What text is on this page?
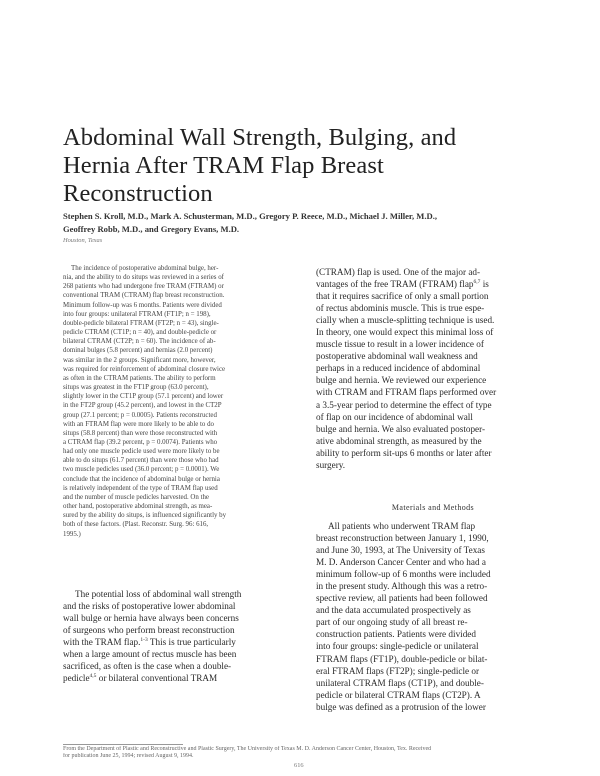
Abdominal Wall Strength, Bulging, and
Hernia After TRAM Flap Breast
Reconstruction
Stephen S. Kroll, M.D., Mark A. Schusterman, M.D., Gregory P. Reece, M.D., Michael J. Miller, M.D.,
Geoffrey Robb, M.D., and Gregory Evans, M.D.
Houston, Texas
The incidence of postoperative abdominal bulge, her-
nia, and the ability to do situps was reviewed in a series of
268 patients who had undergone free TRAM (FTRAM) or
conventional TRAM (CTRAM) flap breast reconstruction.
Minimum follow-up was 6 months. Patients were divided
into four groups: unilateral FTRAM (FT1P; n = 198),
double-pedicle bilateral FTRAM (FT2P; n = 43), single-
pedicle CTRAM (CT1P; n = 40), and double-pedicle or
bilateral CTRAM (CT2P; n = 60). The incidence of ab-
dominal bulges (5.8 percent) and hernias (2.0 percent)
was similar in the 2 groups. Significant more, however,
was required for reinforcement of abdominal closure twice
as often in the CTRAM patients. The ability to perform
situps was greatest in the FT1P group (63.0 percent),
slightly lower in the CT1P group (57.1 percent) and lower
in the FT2P group (45.2 percent), and lowest in the CT2P
group (27.1 percent; p = 0.0005). Patients reconstructed
with an FTRAM flap were more likely to be able to do
situps (58.8 percent) than were those reconstructed with
a CTRAM flap (39.2 percent, p = 0.0074). Patients who
had only one muscle pedicle used were more likely to be
able to do situps (61.7 percent) than were those who had
two muscle pedicles used (36.0 percent; p = 0.0001). We
conclude that the incidence of abdominal bulge or hernia
is relatively independent of the type of TRAM flap used
and the number of muscle pedicles harvested. On the
other hand, postoperative abdominal strength, as mea-
sured by the ability do situps, is influenced significantly by
both of these factors. (Plast. Reconstr. Surg. 96: 616,
1995.)
The potential loss of abdominal wall strength
and the risks of postoperative lower abdominal
wall bulge or hernia have always been concerns
of surgeons who perform breast reconstruction
with the TRAM flap.$^{1-3}$ This is true particularly
when a large amount of rectus muscle has been
sacrificed, as often is the case when a double-
pedicle$^{4,5}$ or bilateral conventional TRAM
(CTRAM) flap is used. One of the major ad-
vantages of the free TRAM (FTRAM) flap$^{6,7}$ is
that it requires sacrifice of only a small portion
of rectus abdominis muscle. This is true espe-
cially when a muscle-splitting technique is used.
In theory, one would expect this minimal loss of
muscle tissue to result in a lower incidence of
postoperative abdominal wall weakness and
perhaps in a reduced incidence of abdominal
bulge and hernia. We reviewed our experience
with CTRAM and FTRAM flaps performed over
a 3.5-year period to determine the effect of type
of flap on our incidence of abdominal wall
bulge and hernia. We also evaluated postoper-
ative abdominal strength, as measured by the
ability to perform sit-ups 6 months or later after
surgery.
Materials and Methods
All patients who underwent TRAM flap
breast reconstruction between January 1, 1990,
and June 30, 1993, at The University of Texas
M. D. Anderson Cancer Center and who had a
minimum follow-up of 6 months were included
in the present study. Although this was a retro-
spective review, all patients had been followed
and the data accumulated prospectively as
part of our ongoing study of all breast re-
construction patients. Patients were divided
into four groups: single-pedicle or unilateral
FTRAM flaps (FT1P), double-pedicle or bilat-
eral FTRAM flaps (FT2P); single-pedicle or
unilateral CTRAM flaps (CT1P), and double-
pedicle or bilateral CTRAM flaps (CT2P). A
bulge was defined as a protrusion of the lower
From the Department of Plastic and Reconstructive and Plastic Surgery, The University of Texas M. D. Anderson Cancer Center, Houston, Tex. Received
for publication June 25, 1994; revised August 9, 1994.
616
